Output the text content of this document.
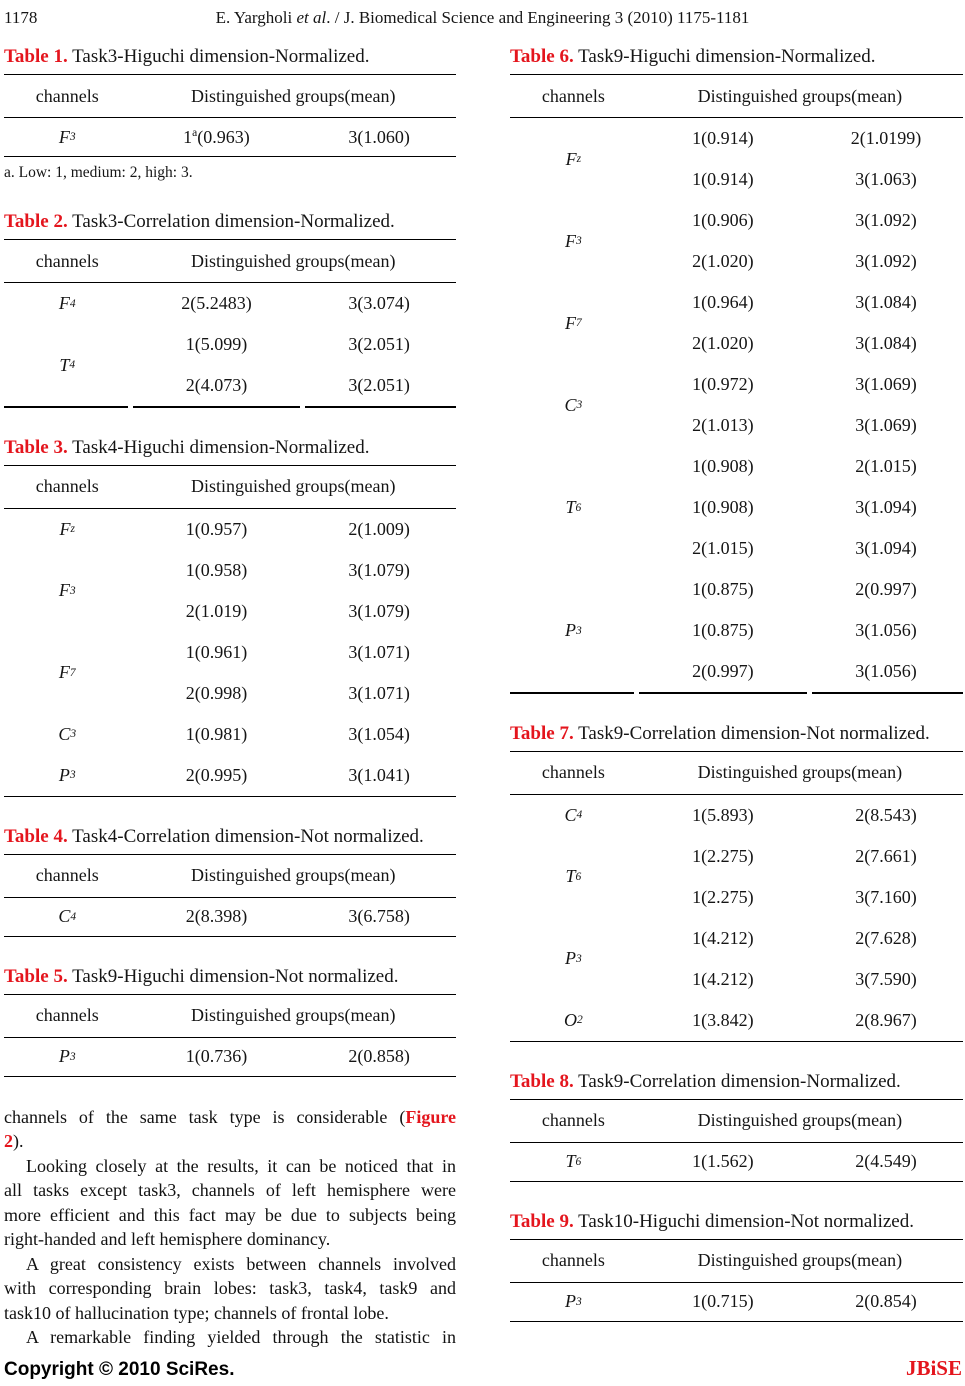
1178	E. Yargholi et al. / J. Biomedical Science and Engineering 3 (2010) 1175-1181
Table 1. Task3-Higuchi dimension-Normalized.
channels	Distinguished groups(mean)
F 3	1$^a$(0.963)	3(1.060)
a. Low: 1, medium: 2, high: 3.
Table 2. Task3-Correlation dimension-Normalized.
channels	Distinguished groups(mean)
F 4	2(5.2483)	3(3.074)
T 4
1(5.099)	3(2.051)
2(4.073)	3(2.051)
Table 3. Task4-Higuchi dimension-Normalized.
channels	Distinguished groups(mean)
F z	1(0.957)	2(1.009)
F 3
1(0.958)	3(1.079)
2(1.019)	3(1.079)
F 7
1(0.961)	3(1.071)
2(0.998)	3(1.071)
C 3	1(0.981)	3(1.054)
P 3	2(0.995)	3(1.041)
Table 4. Task4-Correlation dimension-Not normalized.
channels	Distinguished groups(mean)
C 4	2(8.398)	3(6.758)
Table 5. Task9-Higuchi dimension-Not normalized.
channels	Distinguished groups(mean)
P 3	1(0.736)	2(0.858)
channels of the same task type is considerable (Figure
2).
Looking closely at the results, it can be noticed that in
all tasks except task3, channels of left hemisphere were
more efficient and this fact may be due to subjects being
right-handed and left hemisphere dominancy.
A great consistency exists between channels involved
with corresponding brain lobes: task3, task4, task9 and
task10 of hallucination type; channels of frontal lobe.
A remarkable finding yielded through the statistic in
Table 6. Task9-Higuchi dimension-Normalized.
channels	Distinguished groups(mean)
F z
1(0.914)	2(1.0199)
1(0.914)	3(1.063)
F 3
1(0.906)	3(1.092)
2(1.020)	3(1.092)
F 7
1(0.964)	3(1.084)
2(1.020)	3(1.084)
C 3
1(0.972)	3(1.069)
2(1.013)	3(1.069)
T 6
1(0.908)	2(1.015)
1(0.908)	3(1.094)
2(1.015)	3(1.094)
P 3
1(0.875)	2(0.997)
1(0.875)	3(1.056)
2(0.997)	3(1.056)
Table 7. Task9-Correlation dimension-Not normalized.
channels	Distinguished groups(mean)
C 4	1(5.893)	2(8.543)
T 6
1(2.275)	2(7.661)
1(2.275)	3(7.160)
P 3
1(4.212)	2(7.628)
1(4.212)	3(7.590)
O 2	1(3.842)	2(8.967)
Table 8. Task9-Correlation dimension-Normalized.
channels	Distinguished groups(mean)
T 6	1(1.562)	2(4.549)
Table 9. Task10-Higuchi dimension-Not normalized.
channels	Distinguished groups(mean)
P 3	1(0.715)	2(0.854)
Copyright © 2010 SciRes.	JBiSE
